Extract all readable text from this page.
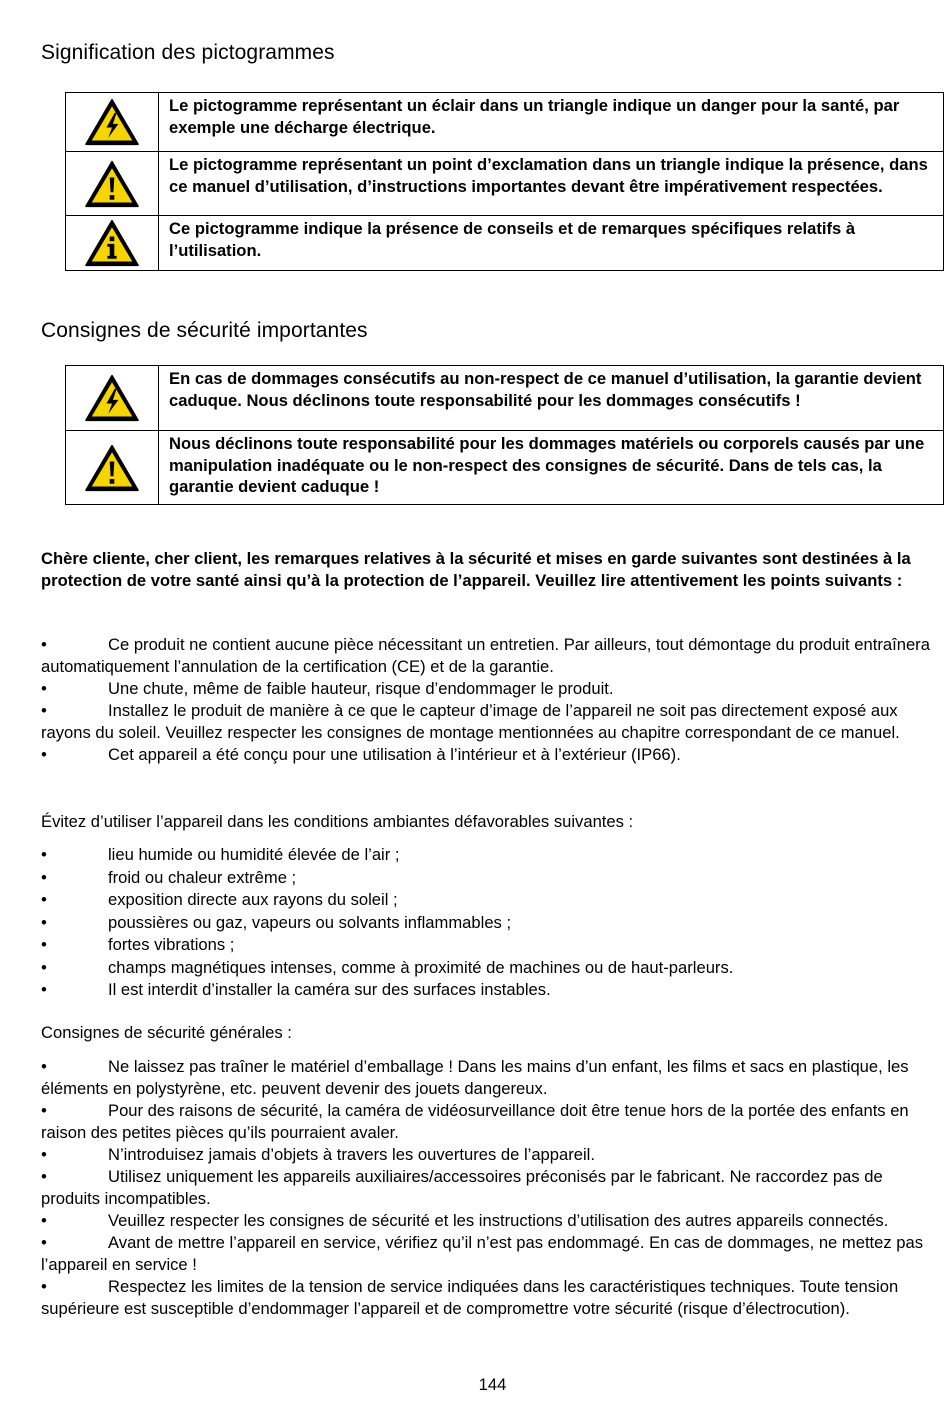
Signification des pictogrammes
	Le pictogramme représentant un éclair dans un triangle indique un danger pour la santé, par exemple une décharge électrique.

	Le pictogramme représentant un point d’exclamation dans un triangle indique la présence, dans ce manuel d’utilisation, d’instructions importantes devant être impérativement respectées.

	Ce pictogramme indique la présence de conseils et de remarques spécifiques relatifs à l’utilisation.
Consignes de sécurité importantes
	En cas de dommages consécutifs au non-respect de ce manuel d’utilisation, la garantie devient caduque. Nous déclinons toute responsabilité pour les dommages consécutifs !

	Nous déclinons toute responsabilité pour les dommages matériels ou corporels causés par une manipulation inadéquate ou le non-respect des consignes de sécurité. Dans de tels cas, la garantie devient caduque !

Chère cliente, cher client, les remarques relatives à la sécurité et mises en garde suivantes sont destinées à la protection de votre santé ainsi qu’à la protection de l’appareil. Veuillez lire attentivement les points suivants :

•	Ce produit ne contient aucune pièce nécessitant un entretien. Par ailleurs, tout démontage du produit entraînera automatiquement l’annulation de la certification (CE) et de la garantie.
•	Une chute, même de faible hauteur, risque d’endommager le produit.
•	Installez le produit de manière à ce que le capteur d’image de l’appareil ne soit pas directement exposé aux rayons du soleil. Veuillez respecter les consignes de montage mentionnées au chapitre correspondant de ce manuel.
•	Cet appareil a été conçu pour une utilisation à l’intérieur et à l’extérieur (IP66).

Évitez d’utiliser l’appareil dans les conditions ambiantes défavorables suivantes :

•	lieu humide ou humidité élevée de l’air ;
•	froid ou chaleur extrême ;
•	exposition directe aux rayons du soleil ;
•	poussières ou gaz, vapeurs ou solvants inflammables ;
•	fortes vibrations ;
•	champs magnétiques intenses, comme à proximité de machines ou de haut-parleurs.
•	Il est interdit d’installer la caméra sur des surfaces instables.

Consignes de sécurité générales :

•	Ne laissez pas traîner le matériel d’emballage ! Dans les mains d’un enfant, les films et sacs en plastique, les éléments en polystyrène, etc. peuvent devenir des jouets dangereux.
•	Pour des raisons de sécurité, la caméra de vidéosurveillance doit être tenue hors de la portée des enfants en raison des petites pièces qu’ils pourraient avaler.
•	N’introduisez jamais d’objets à travers les ouvertures de l’appareil.
•	Utilisez uniquement les appareils auxiliaires/accessoires préconisés par le fabricant. Ne raccordez pas de produits incompatibles.
•	Veuillez respecter les consignes de sécurité et les instructions d’utilisation des autres appareils connectés.
•	Avant de mettre l’appareil en service, vérifiez qu’il n’est pas endommagé. En cas de dommages, ne mettez pas l’appareil en service !
•	Respectez les limites de la tension de service indiquées dans les caractéristiques techniques. Toute tension supérieure est susceptible d’endommager l’appareil et de compromettre votre sécurité (risque d’électrocution).
144
